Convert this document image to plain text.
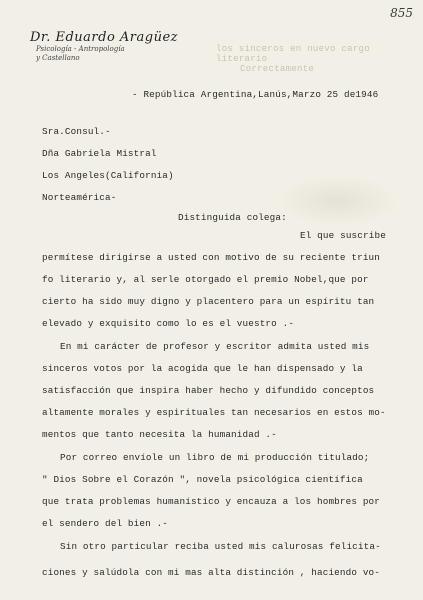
855
Dr. Eduardo Aragüez
Psicología - Antropología
y Castellano
los sinceros en nuevo cargo literario
Correctamente
- República Argentina,Lanús,Marzo 25 de1946
Sra.Consul.-
Dña Gabriela Mistral
Los Angeles(California)
Norteamérica-
Distinguida colega:
El que suscribe
permítese dirigirse a usted con motivo de su reciente triun
fo literario y, al serle otorgado el premio Nobel,que por
cierto ha sido muy digno y placentero para un espíritu tan
elevado y exquisito como lo es el vuestro .-
En mi carácter de profesor y escritor admita usted mis
sinceros votos por la acogida que le han dispensado y la
satisfacción que inspira haber hecho y difundido conceptos
altamente morales y espirituales tan necesarios en estos mo-
mentos que tanto necesita la humanidad .-
Por correo envíole un libro de mi producción titulado;
" Dios Sobre el Corazón ", novela psicológica científica
que trata problemas humanístico y encauza a los hombres por
el sendero del bien .-
Sin otro particular reciba usted mis calurosas felicita-
ciones y salúdola con mi mas alta distinción , haciendo vo-
